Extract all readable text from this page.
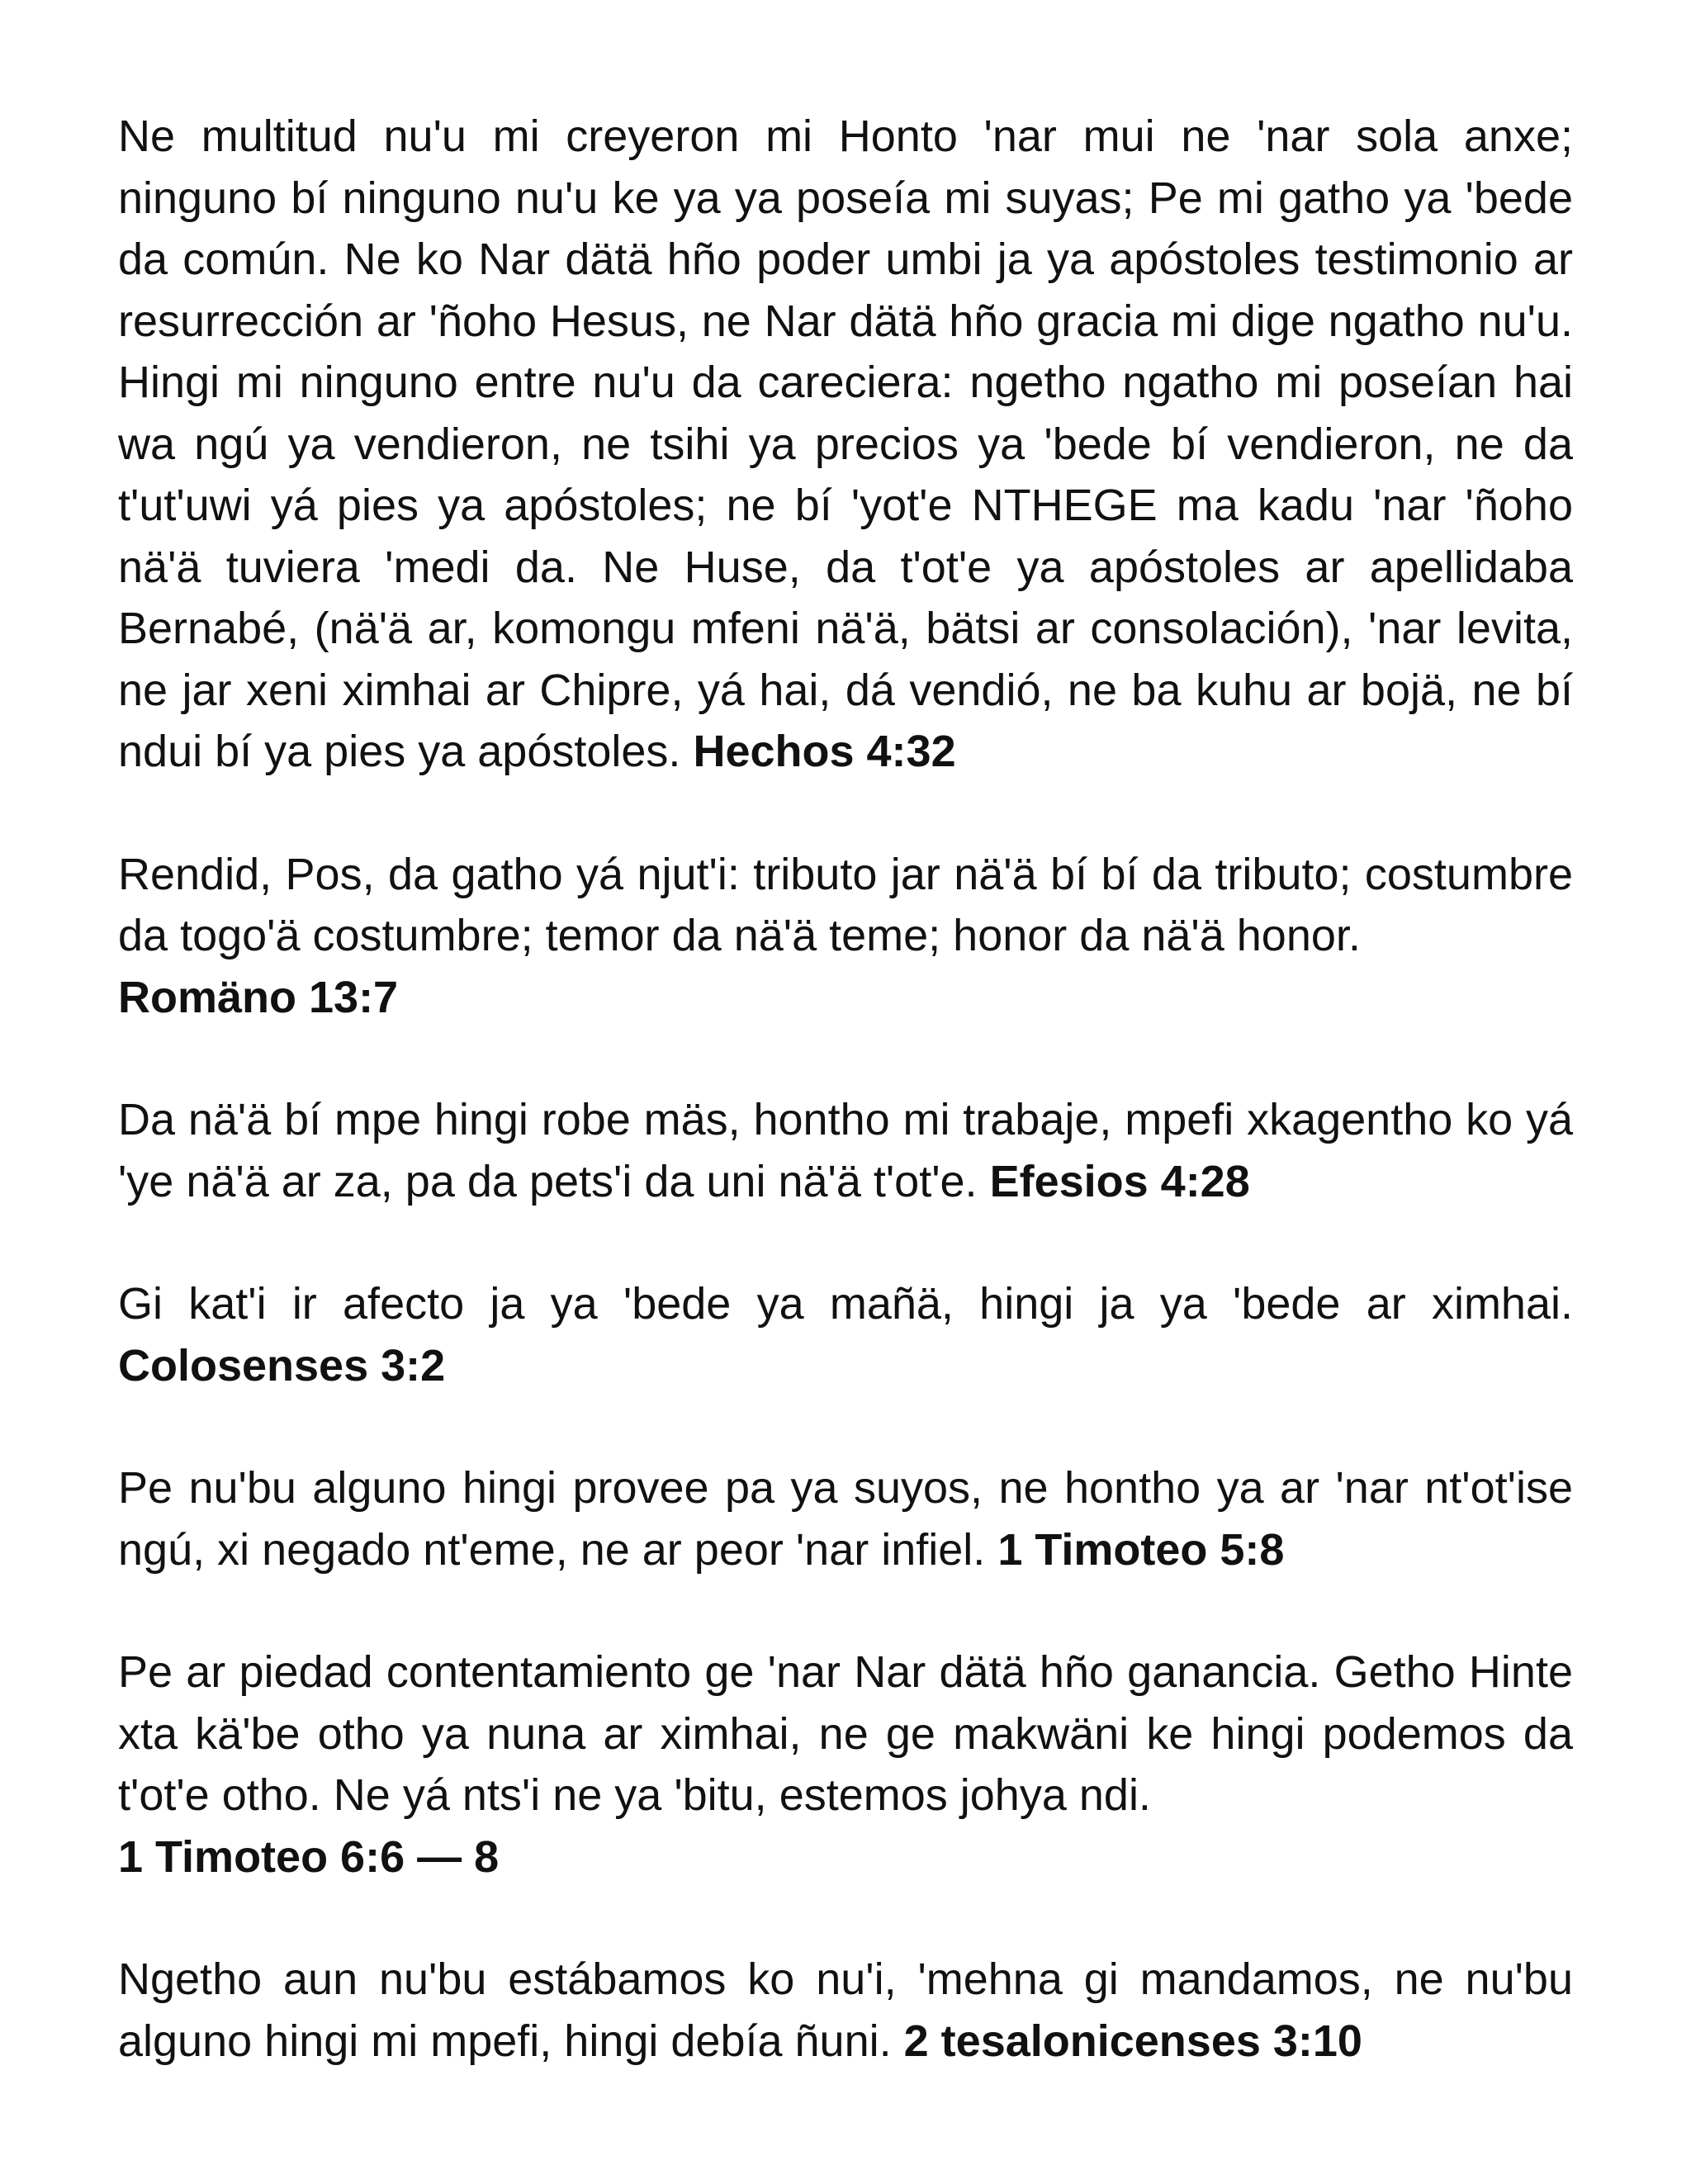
Ne multitud nu'u mi creyeron mi Honto 'nar mui ne 'nar sola anxe; ninguno bí ninguno nu'u ke ya ya poseía mi suyas; Pe mi gatho ya 'bede da común. Ne ko Nar dätä hño poder umbi ja ya apóstoles testimonio ar resurrección ar 'ñoho Hesus, ne Nar dätä hño gracia mi dige ngatho nu'u. Hingi mi ninguno entre nu'u da careciera: ngetho ngatho mi poseían hai wa ngú ya vendieron, ne tsihi ya precios ya 'bede bí vendieron, ne da t'ut'uwi yá pies ya apóstoles; ne bí 'yot'e NTHEGE ma kadu 'nar 'ñoho nä'ä tuviera 'medi da. Ne Huse, da t'ot'e ya apóstoles ar apellidaba Bernabé, (nä'ä ar, komongu mfeni nä'ä, bätsi ar consolación), 'nar levita, ne jar xeni ximhai ar Chipre, yá hai, dá vendió, ne ba kuhu ar bojä, ne bí ndui bí ya pies ya apóstoles. Hechos 4:32

Rendid, Pos, da gatho yá njut'i: tributo jar nä'ä bí bí da tributo; costumbre da togo'ä costumbre; temor da nä'ä teme; honor da nä'ä honor.
Romäno 13:7

Da nä'ä bí mpe hingi robe mäs, hontho mi trabaje, mpefi xkagentho ko yá 'ye nä'ä ar za, pa da pets'i da uni nä'ä t'ot'e. Efesios 4:28

Gi kat'i ir afecto ja ya 'bede ya mañä, hingi ja ya 'bede ar ximhai. Colosenses 3:2

Pe nu'bu alguno hingi provee pa ya suyos, ne hontho ya ar 'nar nt'ot'ise ngú, xi negado nt'eme, ne ar peor 'nar infiel. 1 Timoteo 5:8

Pe ar piedad contentamiento ge 'nar Nar dätä hño ganancia. Getho Hinte xta kä'be otho ya nuna ar ximhai, ne ge makwäni ke hingi podemos da t'ot'e otho. Ne yá nts'i ne ya 'bitu, estemos johya ndi.
1 Timoteo 6:6 — 8

Ngetho aun nu'bu estábamos ko nu'i, 'mehna gi mandamos, ne nu'bu alguno hingi mi mpefi, hingi debía ñuni. 2 tesalonicenses 3:10
